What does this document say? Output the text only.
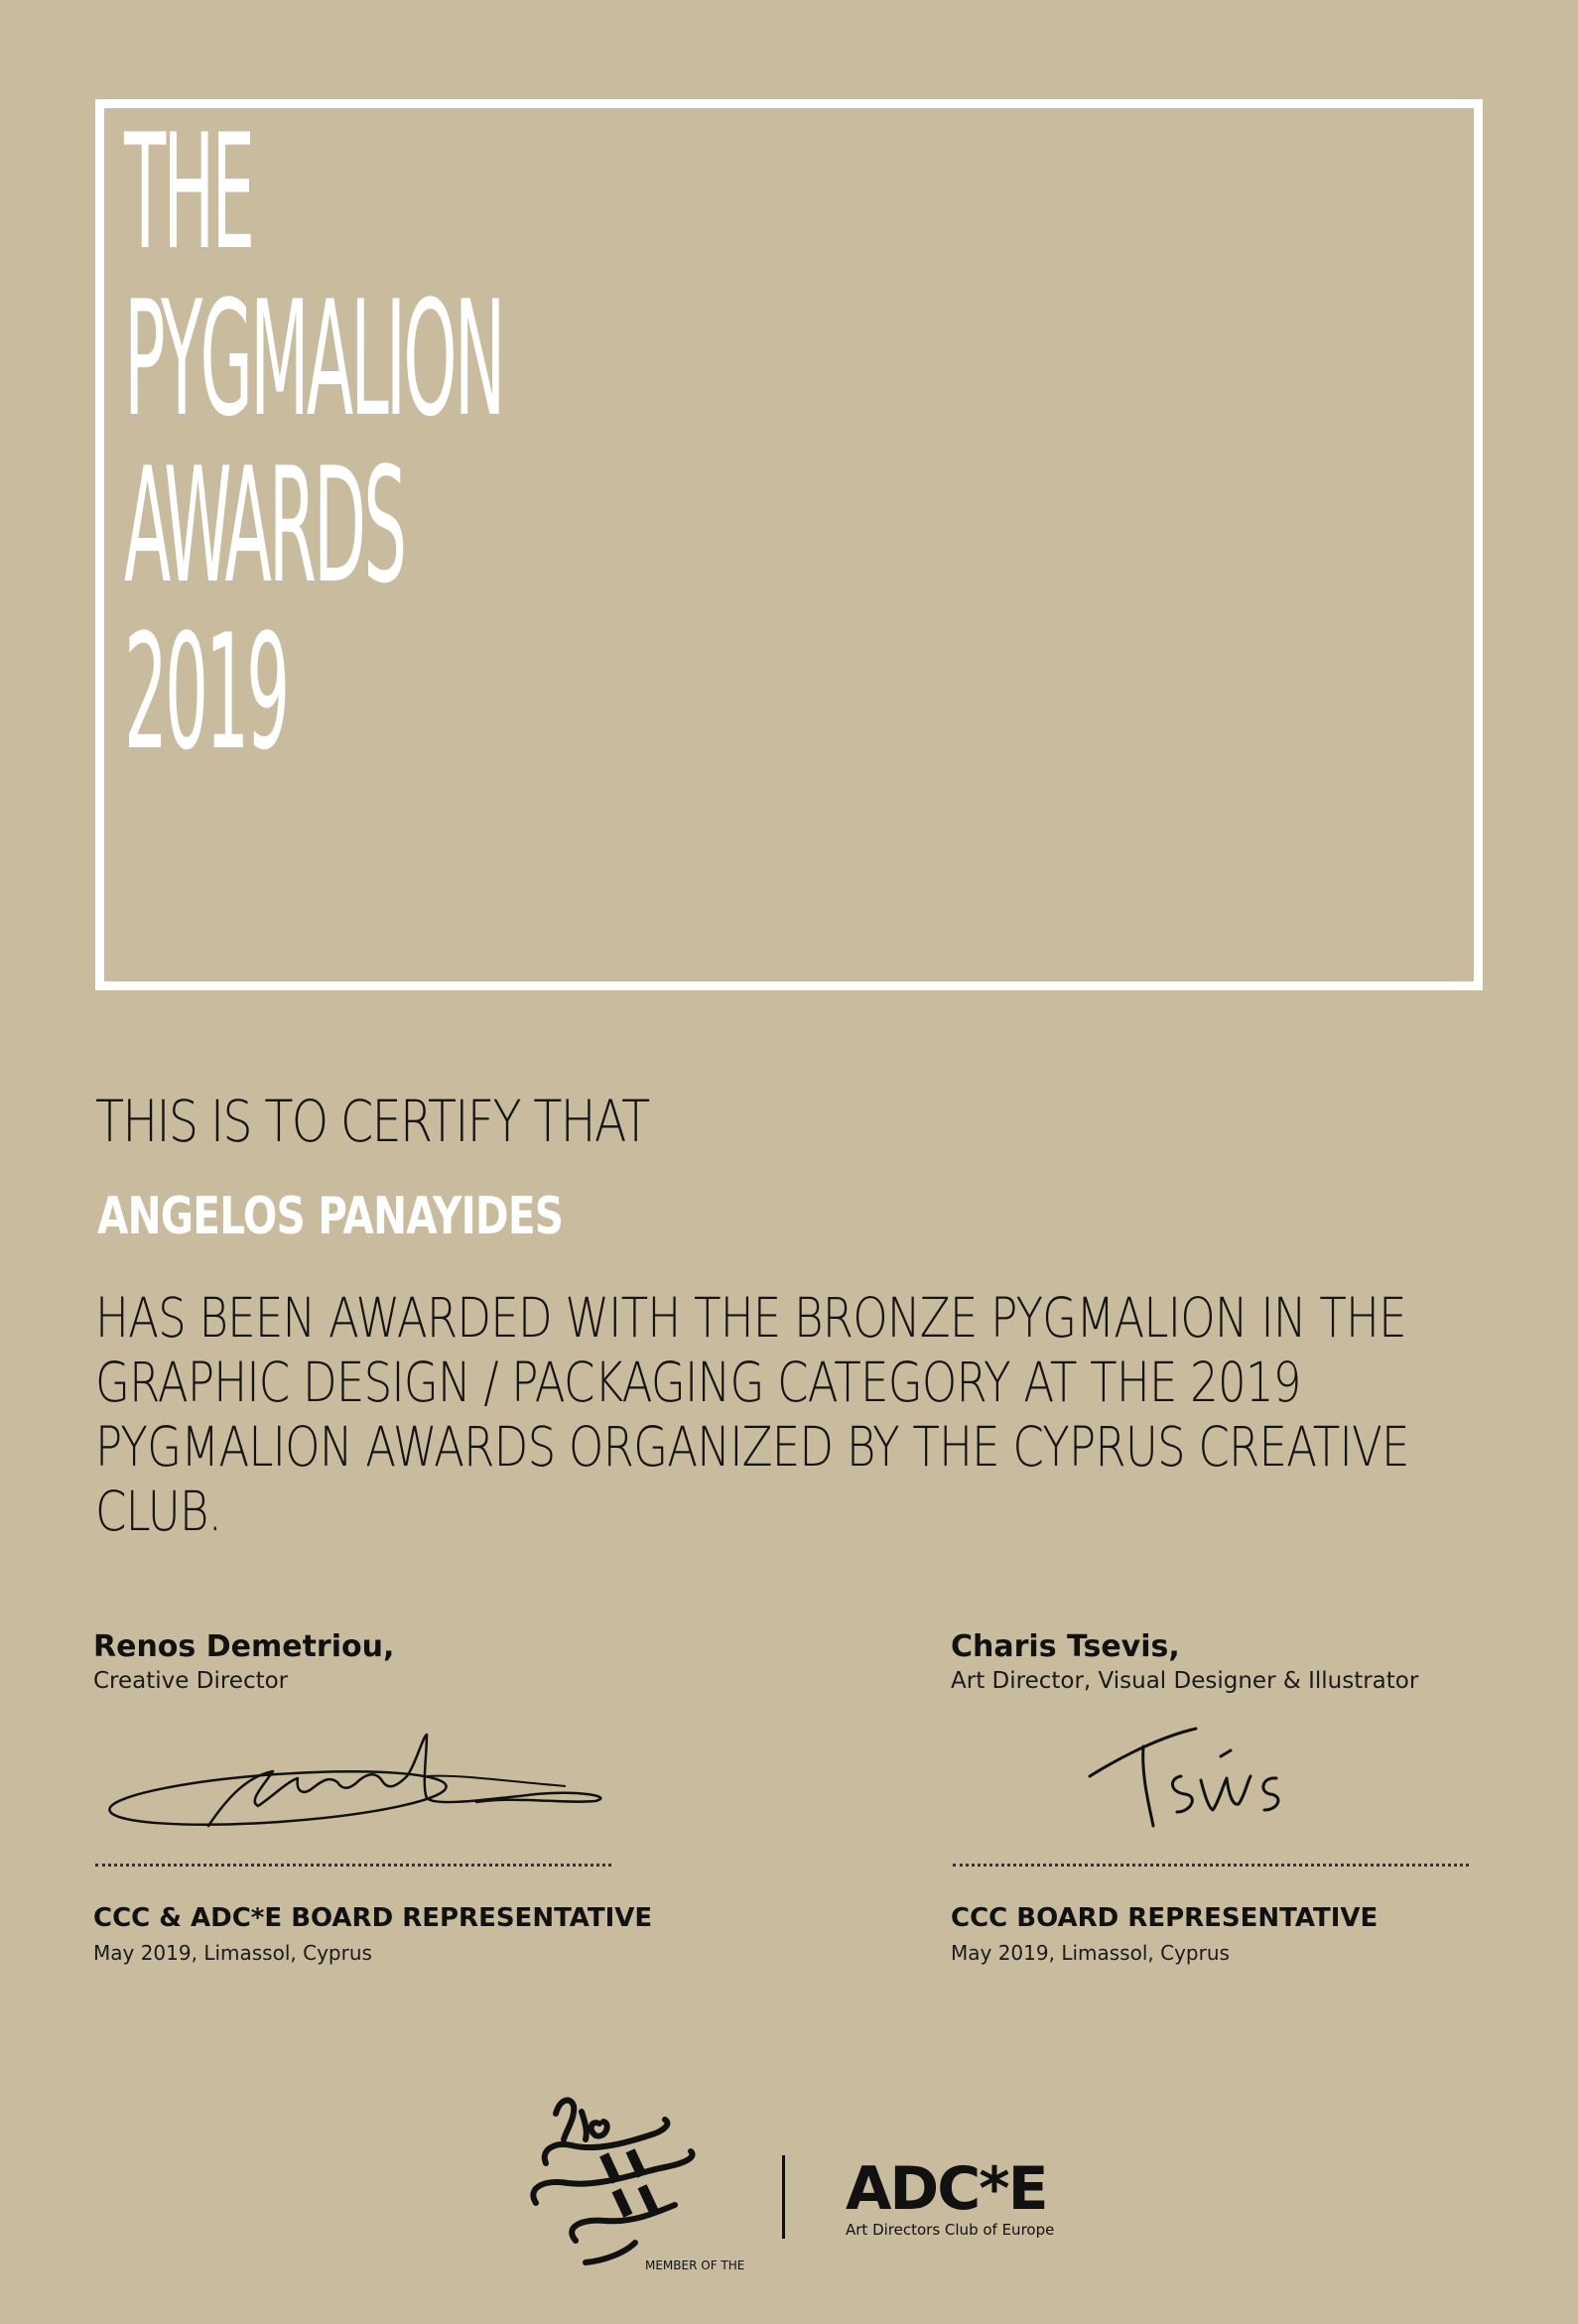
THE
PYGMALION
AWARDS
2019
THIS IS TO CERTIFY THAT
ANGELOS PANAYIDES
HAS BEEN AWARDED WITH THE BRONZE PYGMALION IN THE
GRAPHIC DESIGN / PACKAGING CATEGORY AT THE 2019
PYGMALION AWARDS ORGANIZED BY THE CYPRUS CREATIVE
CLUB.
Renos Demetriou,
Creative Director
CCC & ADC*E BOARD REPRESENTATIVE
May 2019, Limassol, Cyprus
Charis Tsevis,
Art Director, Visual Designer & Illustrator
CCC BOARD REPRESENTATIVE
May 2019, Limassol, Cyprus
MEMBER OF THE
ADC*E
Art Directors Club of Europe
